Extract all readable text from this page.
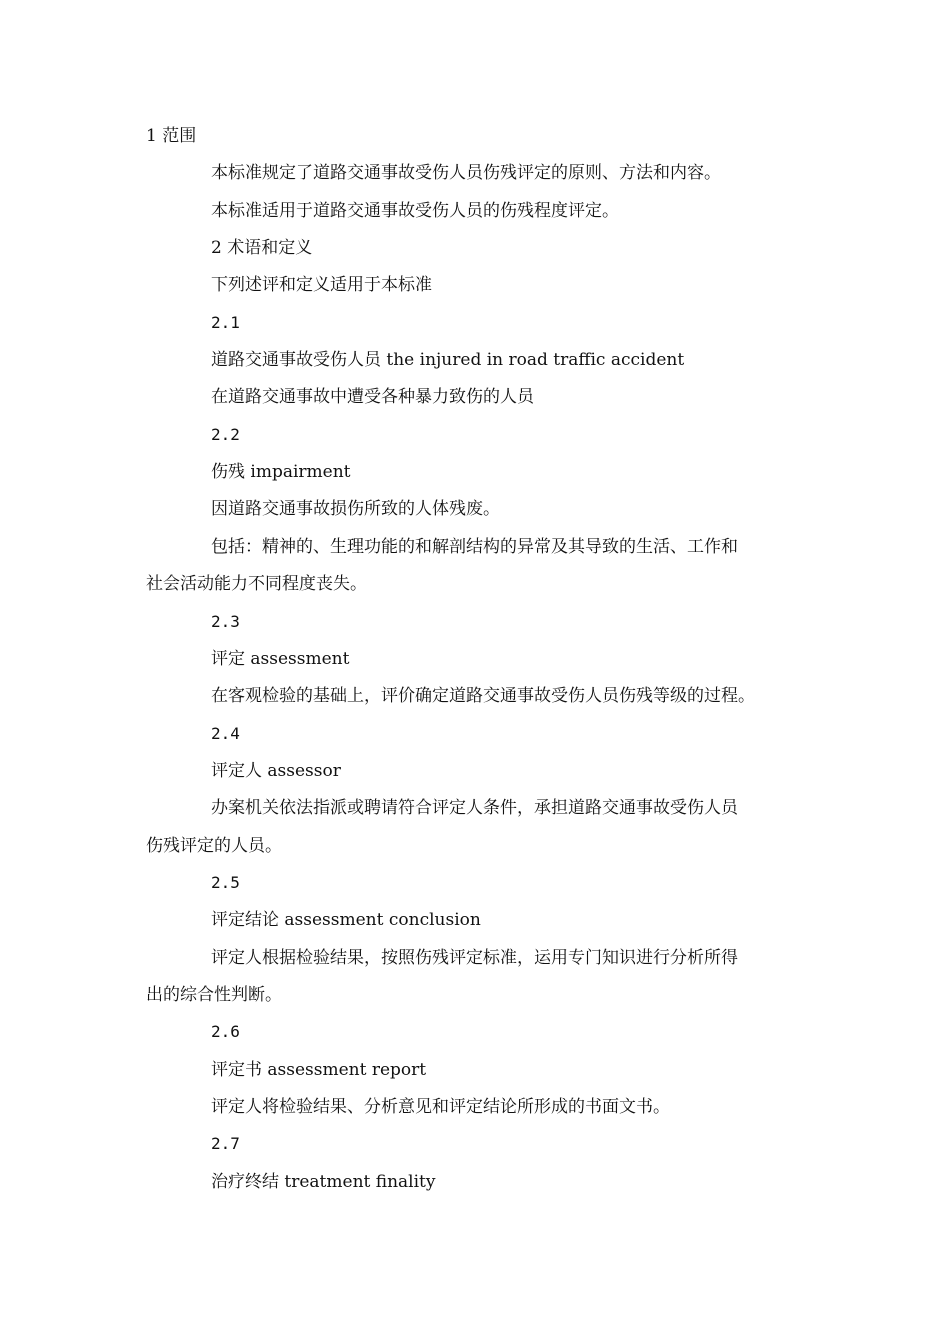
1 范围

本标准规定了道路交通事故受伤人员伤残评定的原则、方法和内容。

本标准适用于道路交通事故受伤人员的伤残程度评定。

2 术语和定义

下列述评和定义适用于本标准

2.1

道路交通事故受伤人员 the injured in road traffic accident

在道路交通事故中遭受各种暴力致伤的人员

2.2

伤残 impairment

因道路交通事故损伤所致的人体残废。

包括：精神的、生理功能的和解剖结构的异常及其导致的生活、工作和

社会活动能力不同程度丧失。

2.3

评定 assessment

在客观检验的基础上，评价确定道路交通事故受伤人员伤残等级的过程。

2.4

评定人 assessor

办案机关依法指派或聘请符合评定人条件，承担道路交通事故受伤人员

伤残评定的人员。

2.5

评定结论 assessment conclusion

评定人根据检验结果，按照伤残评定标准，运用专门知识进行分析所得

出的综合性判断。

2.6

评定书 assessment report

评定人将检验结果、分析意见和评定结论所形成的书面文书。

2.7

治疗终结 treatment finality
